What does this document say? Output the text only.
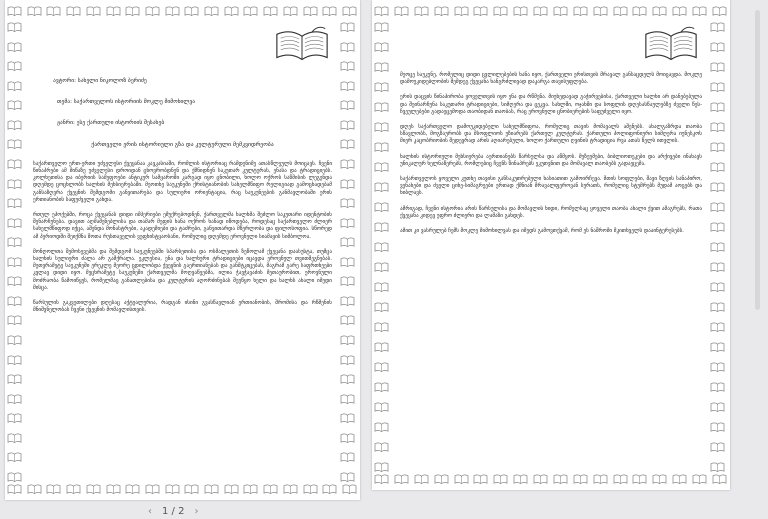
ავტორი: სახელი ნიკოლოზ ბერიძე

თემა: საქართველოს ისტორიის მოკლე მიმოხილვა

ჟანრი: ესე ქართული ისტორიის შესახებ

ქართველი ერის ისტორიული გზა და კულტურული მემკვიდრეობა

საქართველო ერთ-ერთი უძველესი ქვეყანაა კავკასიაში, რომლის ისტორიაც რამდენიმე ათასწლეულს მოიცავს. ჩვენი წინაპრები ამ მიწაზე უძველესი დროიდან ცხოვრობდნენ და ქმნიდნენ საკუთარ კულტურას, ენასა და ტრადიციებს. კოლხეთისა და იბერიის სამეფოები ანტიკურ სამყაროში კარგად იყო ცნობილი, ხოლო ოქროს საწმისის ლეგენდა დღემდე ცოცხლობს ხალხის მეხსიერებაში. მეოთხე საუკუნეში ქრისტიანობის სახელმწიფო რელიგიად გამოცხადებამ განსაზღვრა ქვეყნის შემდგომი განვითარება და სულიერი ორიენტაცია, რაც საუკუნეების განმავლობაში ერის ერთიანობის საფუძველი გახდა.

რთულ ეპოქებში, როცა ქვეყანას დიდი იმპერიები ემუქრებოდნენ, ქართველმა ხალხმა შეძლო საკუთარი იდენტობის შენარჩუნება. დავით აღმაშენებლისა და თამარ მეფის ხანა ოქროს ხანად იწოდება, როდესაც საქართველო ძლიერ სახელმწიფოდ იქცა, აშენდა მონასტრები, აკადემიები და ტაძრები, განვითარდა მწერლობა და ფილოსოფია. სწორედ ამ პერიოდში შეიქმნა შოთა რუსთაველის ვეფხისტყაოსანი, რომელიც დღემდე ეროვნული სიამაყის სიმბოლოა.

მონღოლთა შემოსევებმა და შემდგომ საუკუნეებში სპარსეთისა და ოსმალეთის ზეწოლამ ქვეყანა დაასუსტა, თუმცა ხალხის სულიერი ძალა არ გამქრალა. ეკლესია, ენა და ხალხური ტრადიციები იცავდა ეროვნულ თვითშეგნებას. მეთვრამეტე საუკუნეში ერეკლე მეორე ცდილობდა ქვეყნის გაერთიანებას და განმტკიცებას, მაგრამ გარე საფრთხეები კვლავ დიდი იყო. მეცხრამეტე საუკუნეში ქართველმა მოღვაწეებმა, ილია ჭავჭავაძის მეთაურობით, ეროვნული მოძრაობა წამოიწყეს, რომელმაც განათლებისა და კულტურის აღორძინებას შეუწყო ხელი და ხალხს ახალი იმედი მისცა.

წარსულის გაკვეთილები დღესაც აქტუალურია, რადგან ისინი გვასწავლიან ერთიანობის, შრომისა და რწმენის მნიშვნელობას ჩვენი ქვეყნის მომავლისთვის.

მეოცე საუკუნე, რომელიც დიდი ცვლილებების ხანა იყო, ქართველი ერისთვის მრავალ განსაცდელს მოიცავდა. მოკლე დამოუკიდებლობის შემდეგ ქვეყანა ხანგრძლივად დაკარგა თავისუფლება.

ერის დაცვის წინაპირობა ყოველთვის იყო ენა და რწმენა. მიუხედავად გაჭირვებისა, ქართველი ხალხი არ დანებებულა და შეინარჩუნა საკუთარი ტრადიციები, სიმღერა და ცეკვა. სახლში, ოჯახში და სოფლის დღესასწაულებზე ძველი წეს-ჩვეულებები გადაეცემოდა თაობიდან თაობას, რაც ეროვნული ცნობიერების საფუძველი იყო.

დღეს საქართველო დამოუკიდებელი სახელმწიფოა, რომელიც თავის მომავალს აშენებს. ახალგაზრდა თაობა სწავლობს, მოგზაურობს და მსოფლიოს უზიარებს ქართულ კულტურას. ქართული პოლიფონიური სიმღერა იუნესკოს მიერ კაცობრიობის შედევრად არის აღიარებული, ხოლო ქართული ღვინის ტრადიცია რვა ათას წელს ითვლის.

ხალხის ისტორიული მეხსიერება აერთიანებს წარსულსა და აწმყოს. მუზეუმები, ბიბლიოთეკები და არქივები ინახავს უნიკალურ ხელნაწერებს, რომლებიც ჩვენს წინაპრებს ეკუთვნით და მომავალ თაობებს გადაეცემა.

საქართველოს ყოველი კუთხე თავისი განსაკუთრებული ხასიათით გამოირჩევა. მთის სოფლები, შავი ზღვის სანაპირო, ვენახები და ძველი ციხე-სიმაგრეები ერთად ქმნიან მრავალფეროვან სურათს, რომელიც სტუმრებს მუდამ აოცებს და ხიბლავს.

ამრიგად, ჩვენი ისტორია არის წარსულისა და მომავლის ხიდი, რომელსაც ყოველი თაობა ახალი ქვით ამაგრებს, რათა ქვეყანა კიდევ უფრო ძლიერი და ლამაზი გახდეს.

ამით კი ვასრულებ ჩემს მოკლე მიმოხილვას და იმედს გამოვთქვამ, რომ ეს ნაშრომი მკითხველს დააინტერესებს.

‹ 1 / 2 ›
